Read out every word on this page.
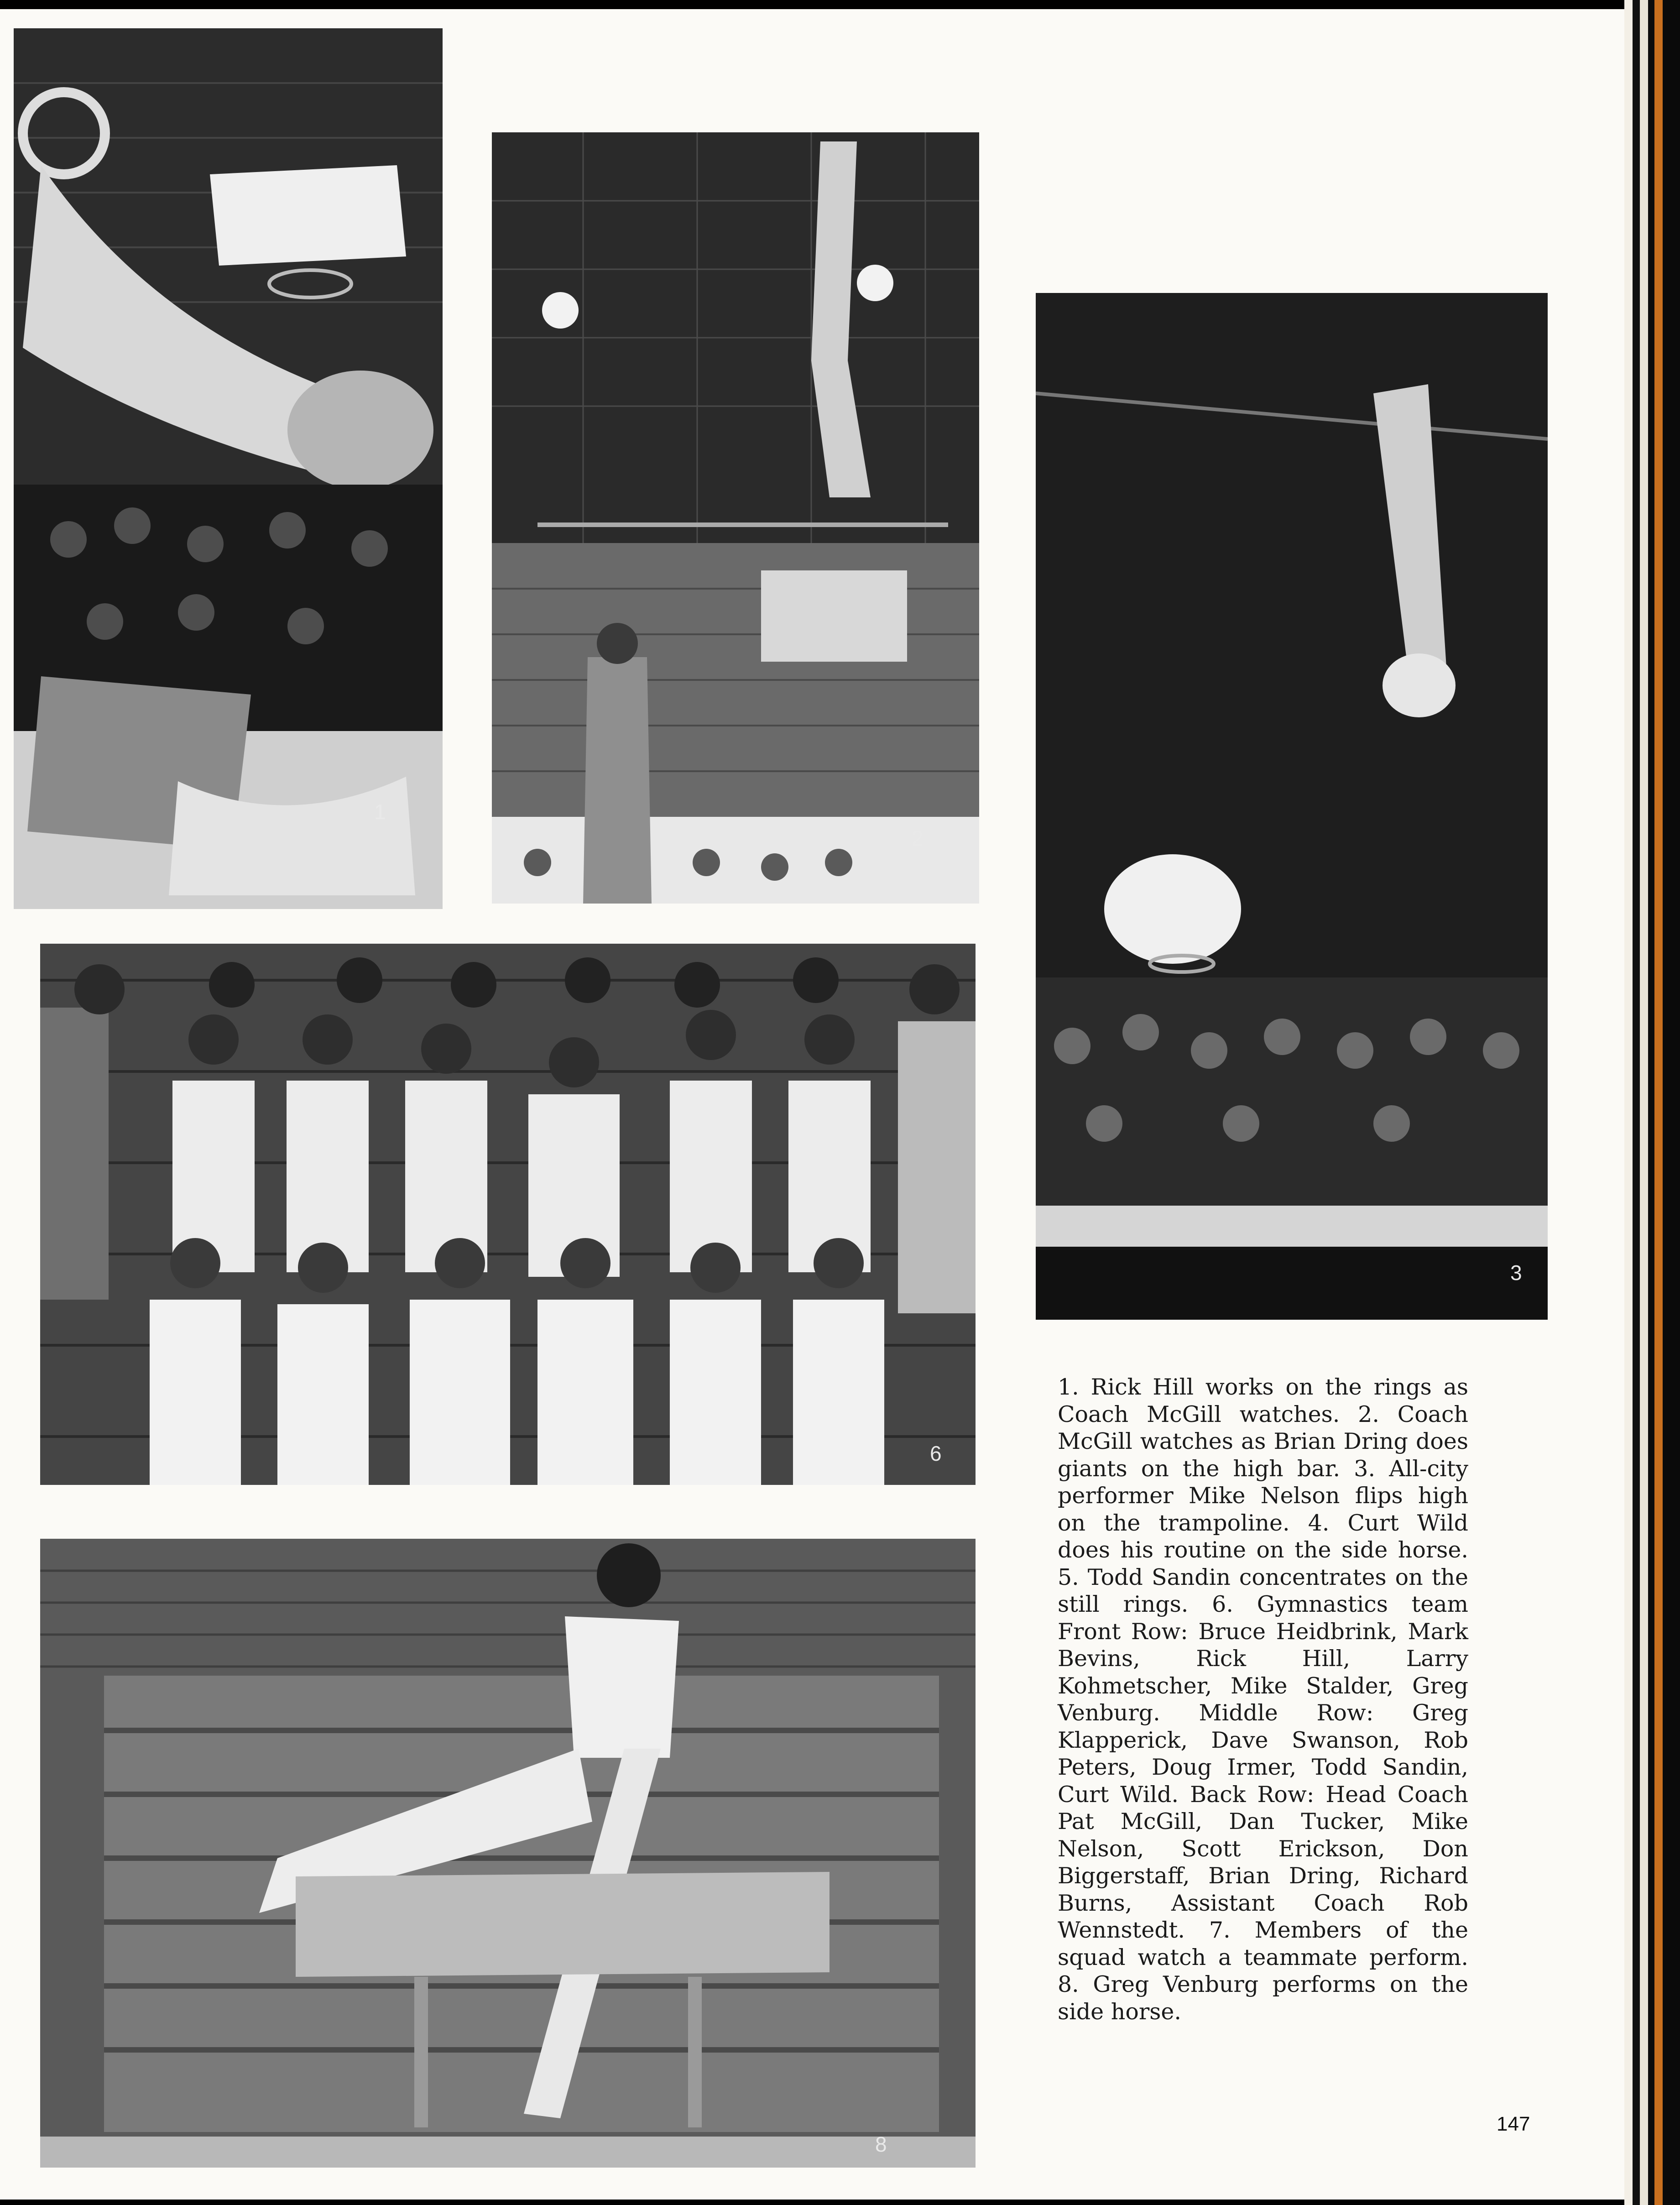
1
2
3
6
8

1. Rick Hill works on the rings as Coach McGill watches. 2. Coach McGill watches as Brian Dring does giants on the high bar. 3. All-city performer Mike Nelson flips high on the trampoline. 4. Curt Wild does his routine on the side horse. 5. Todd Sandin concentrates on the still rings. 6. Gymnastics team Front Row: Bruce Heidbrink, Mark Bevins, Rick Hill, Larry Kohmetscher, Mike Stalder, Greg Venburg. Middle Row: Greg Klapperick, Dave Swanson, Rob Peters, Doug Irmer, Todd Sandin, Curt Wild. Back Row: Head Coach Pat McGill, Dan Tucker, Mike Nelson, Scott Erickson, Don Biggerstaff, Brian Dring, Richard Burns, Assistant Coach Rob Wennstedt. 7. Members of the squad watch a teammate perform. 8. Greg Venburg performs on the side horse.

147
